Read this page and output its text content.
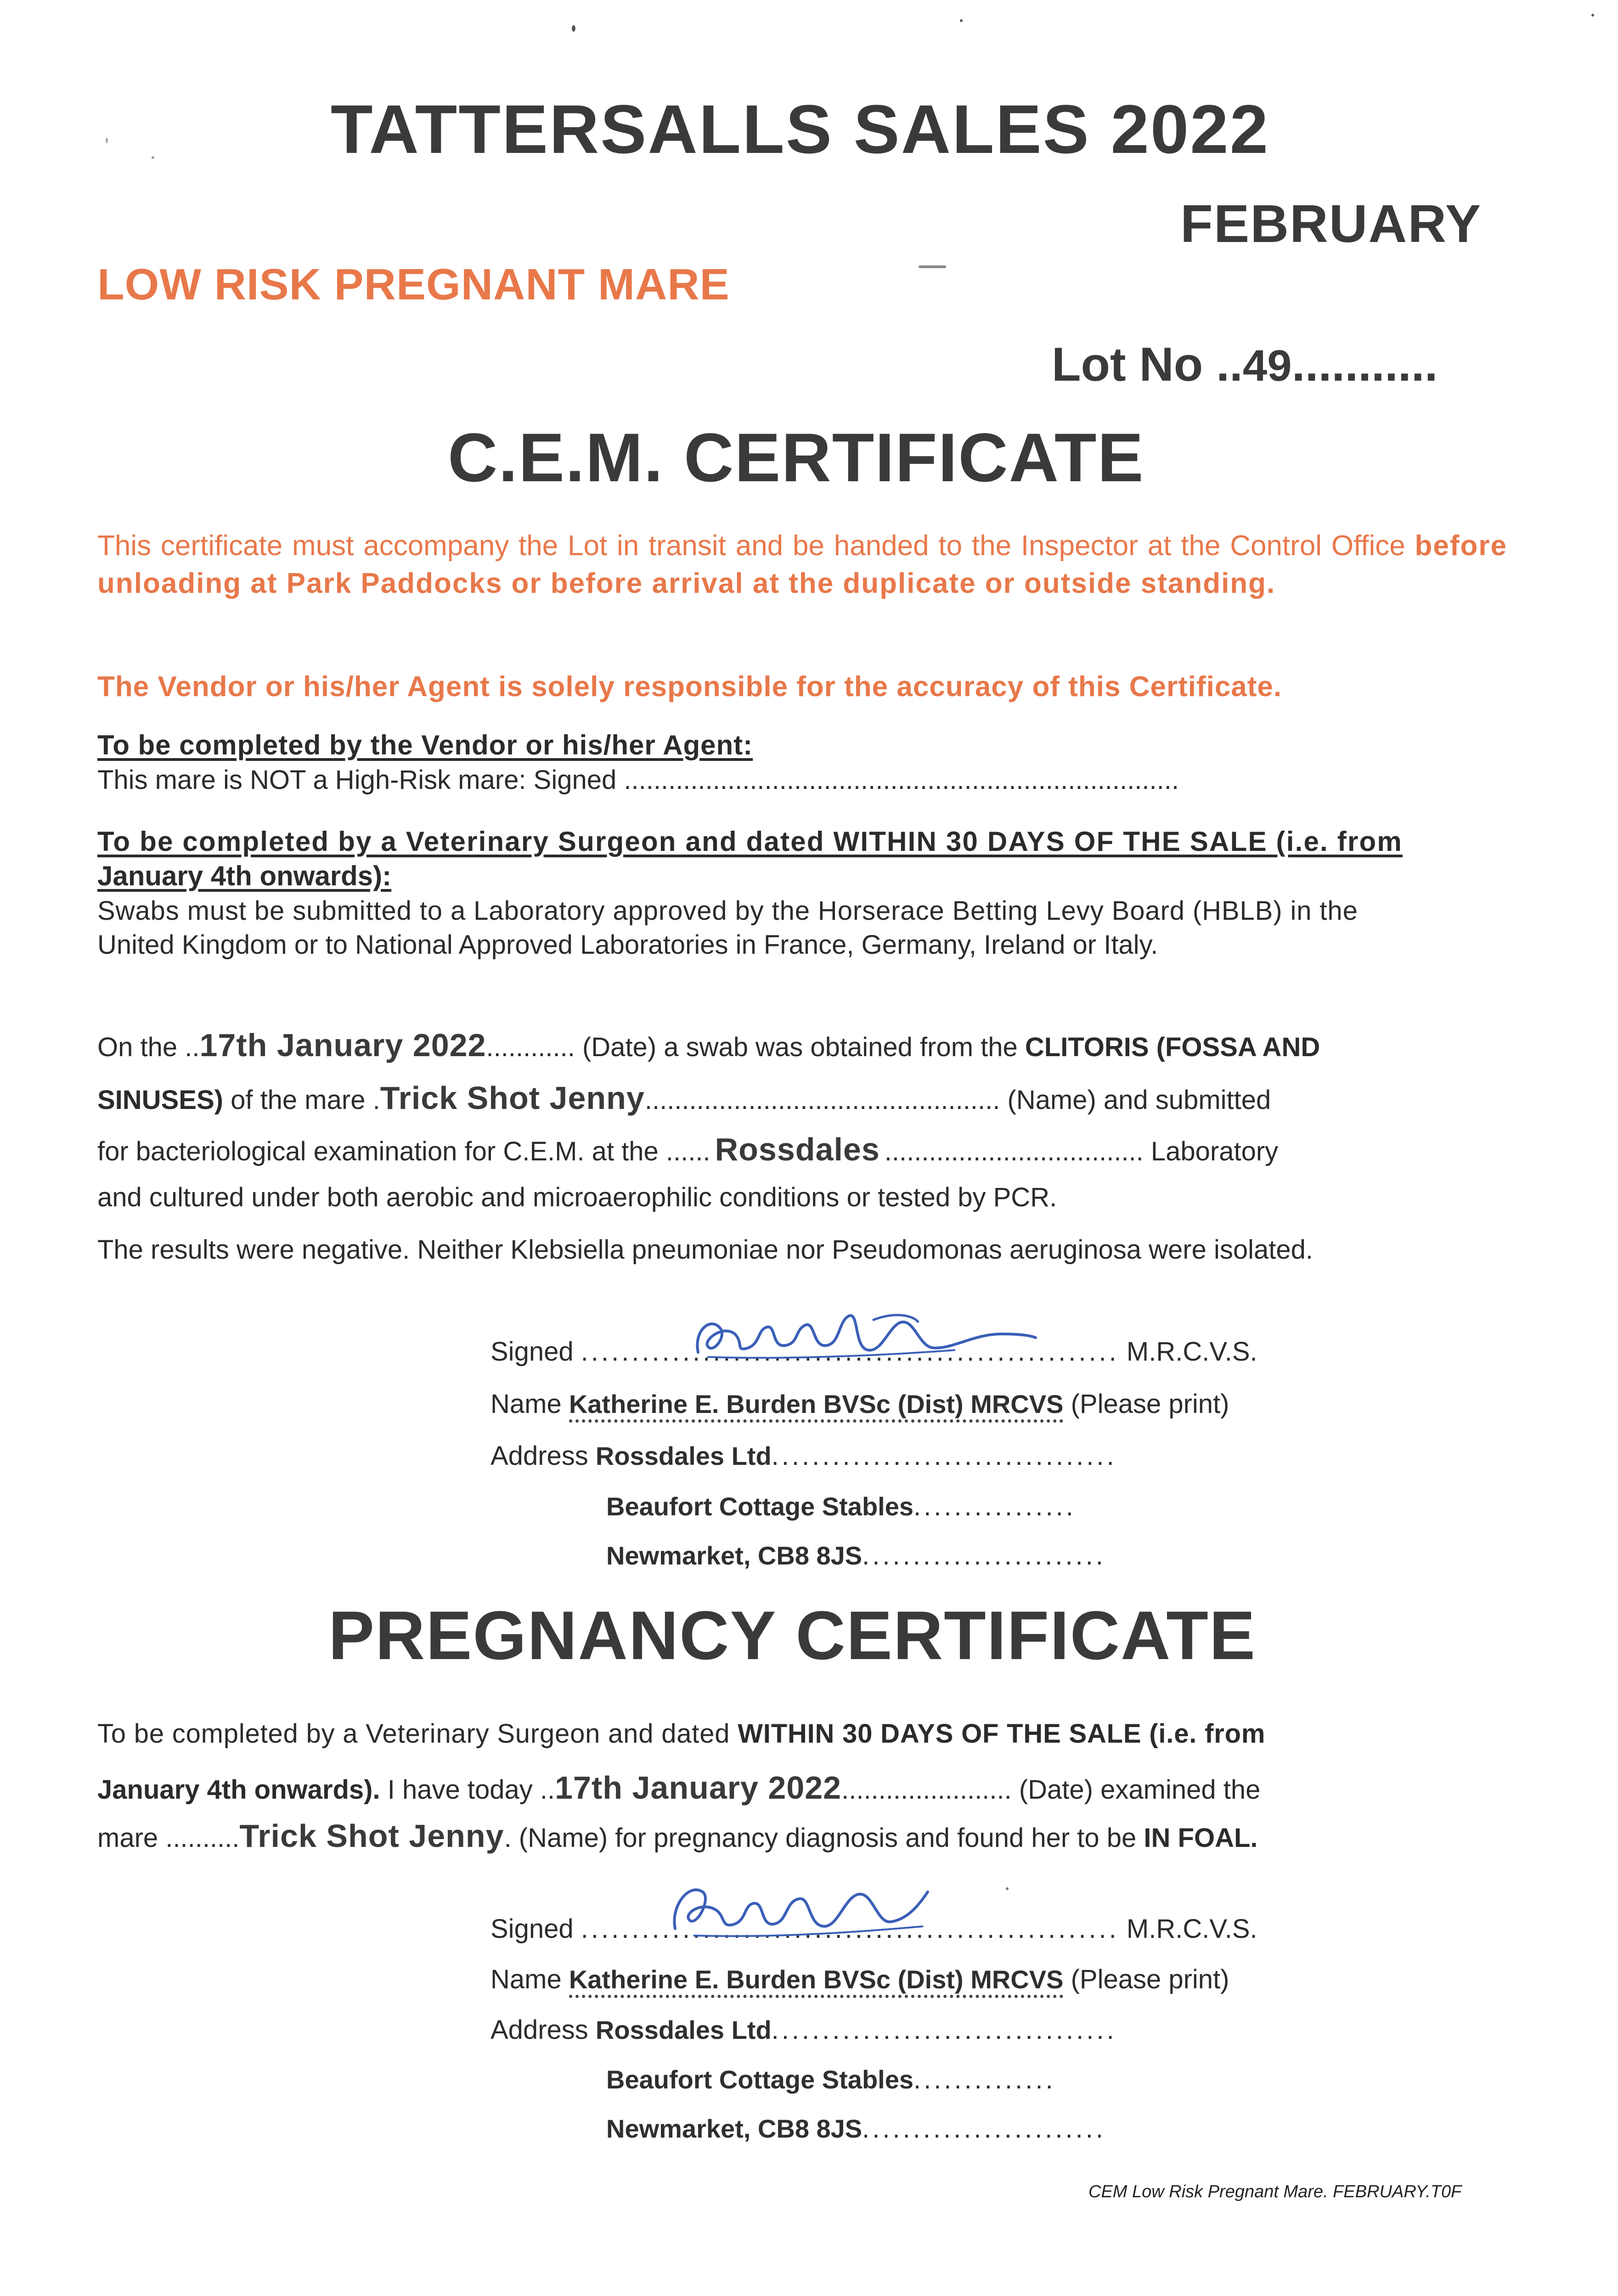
TATTERSALLS SALES 2022
FEBRUARY
LOW RISK PREGNANT MARE
Lot No ..49...........
C.E.M. CERTIFICATE
This certificate must accompany the Lot in transit and be handed to the Inspector at the Control Office before unloading at Park Paddocks or before arrival at the duplicate or outside standing.
The Vendor or his/her Agent is solely responsible for the accuracy of this Certificate.
To be completed by the Vendor or his/her Agent:
This mare is NOT a High-Risk mare: Signed ...........................................................................
To be completed by a Veterinary Surgeon and dated WITHIN 30 DAYS OF THE SALE (i.e. from
January 4th onwards):
Swabs must be submitted to a Laboratory approved by the Horserace Betting Levy Board (HBLB) in the
United Kingdom or to National Approved Laboratories in France, Germany, Ireland or Italy.
On the ..17th January 2022............ (Date) a swab was obtained from the CLITORIS (FOSSA AND
SINUSES) of the mare .Trick Shot Jenny................................................ (Name) and submitted
for bacteriological examination for C.E.M. at the ...... Rossdales ................................... Laboratory
and cultured under both aerobic and microaerophilic conditions or tested by PCR.
The results were negative. Neither Klebsiella pneumoniae nor Pseudomonas aeruginosa were isolated.
Signed ..................................................... M.R.C.V.S.
Name Katherine E. Burden BVSc (Dist) MRCVS (Please print)
Address Rossdales Ltd..................................
Beaufort Cottage Stables................
Newmarket, CB8 8JS........................
PREGNANCY CERTIFICATE
To be completed by a Veterinary Surgeon and dated WITHIN 30 DAYS OF THE SALE (i.e. from
January 4th onwards). I have today ..17th January 2022....................... (Date) examined the
mare ..........Trick Shot Jenny. (Name) for pregnancy diagnosis and found her to be IN FOAL.
Signed ..................................................... M.R.C.V.S.
Name Katherine E. Burden BVSc (Dist) MRCVS (Please print)
Address Rossdales Ltd..................................
Beaufort Cottage Stables..............
Newmarket, CB8 8JS........................
CEM Low Risk Pregnant Mare. FEBRUARY.T0F
